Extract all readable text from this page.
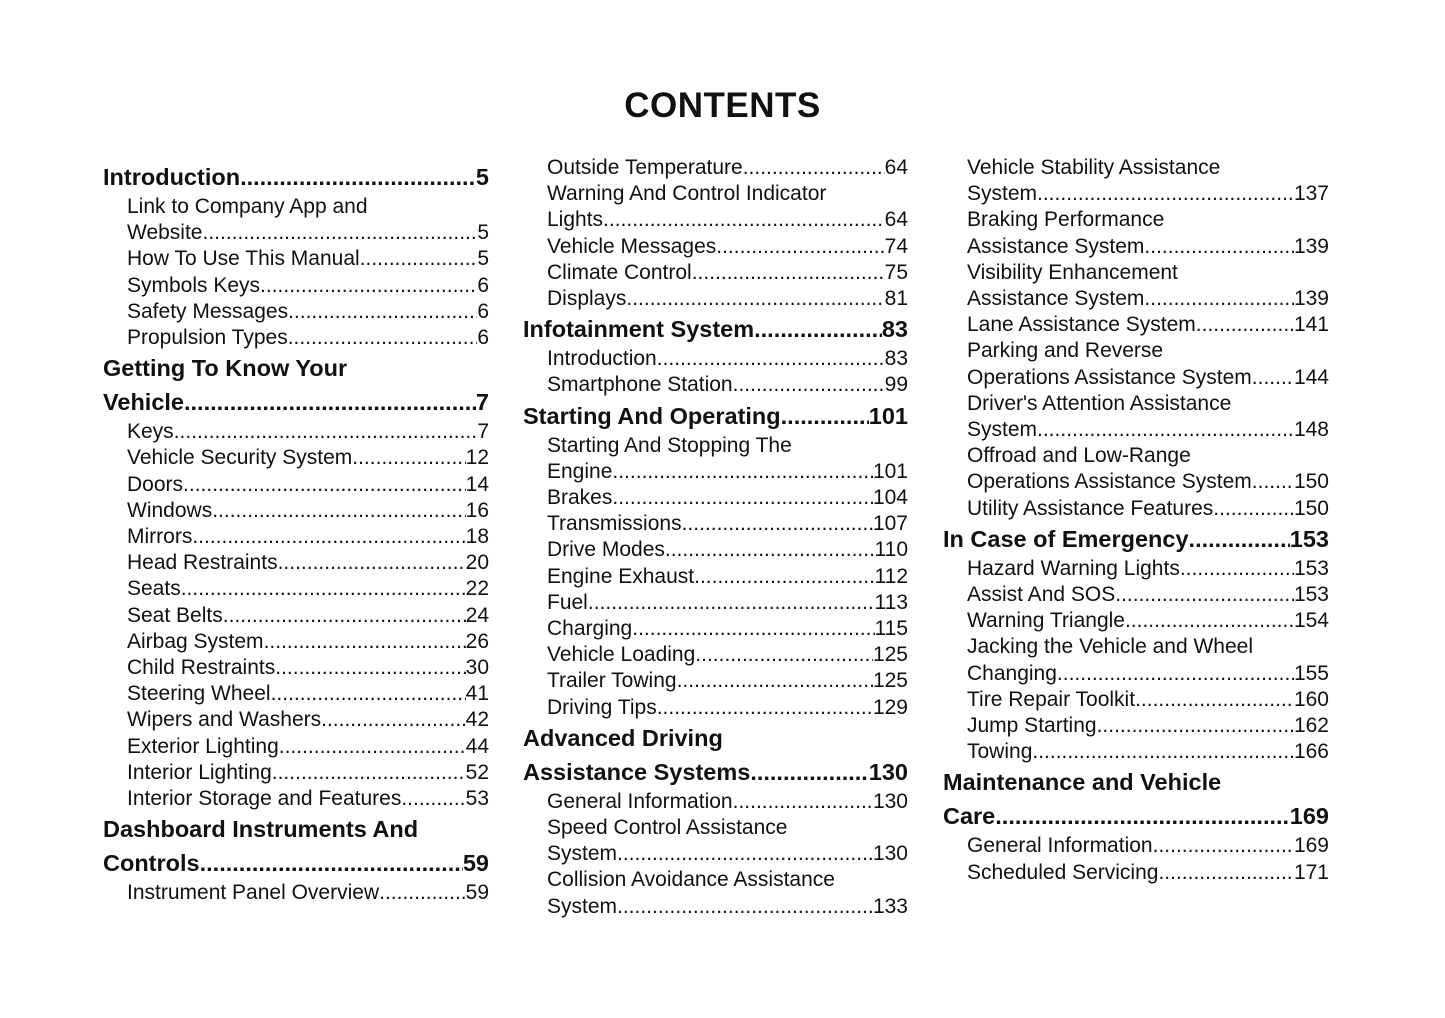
CONTENTS
Introduction .....	5
Link to Company App and
Website .....	5
How To Use This Manual .....	5
Symbols Keys .....	6
Safety Messages .....	6
Propulsion Types .....	6
Getting To Know Your
Vehicle .....	7
Keys .....	7
Vehicle Security System .....	12
Doors .....	14
Windows .....	16
Mirrors .....	18
Head Restraints .....	20
Seats .....	22
Seat Belts .....	24
Airbag System .....	26
Child Restraints .....	30
Steering Wheel .....	41
Wipers and Washers .....	42
Exterior Lighting .....	44
Interior Lighting .....	52
Interior Storage and Features .....	53
Dashboard Instruments And
Controls .....	59
Instrument Panel Overview .....	59
Outside Temperature .....	64
Warning And Control Indicator
Lights .....	64
Vehicle Messages .....	74
Climate Control .....	75
Displays .....	81
Infotainment System .....	83
Introduction .....	83
Smartphone Station .....	99
Starting And Operating .....	101
Starting And Stopping The
Engine .....	101
Brakes .....	104
Transmissions .....	107
Drive Modes .....	110
Engine Exhaust .....	112
Fuel .....	113
Charging .....	115
Vehicle Loading .....	125
Trailer Towing .....	125
Driving Tips .....	129
Advanced Driving
Assistance Systems .....	130
General Information .....	130
Speed Control Assistance
System .....	130
Collision Avoidance Assistance
System .....	133
Vehicle Stability Assistance
System .....	137
Braking Performance
Assistance System .....	139
Visibility Enhancement
Assistance System .....	139
Lane Assistance System .....	141
Parking and Reverse
Operations Assistance System ..... 144
Driver's Attention Assistance
System .....	148
Offroad and Low-Range
Operations Assistance System ..... 150
Utility Assistance Features .....	150
In Case of Emergency .....	153
Hazard Warning Lights .....	153
Assist And SOS .....	153
Warning Triangle .....	154
Jacking the Vehicle and Wheel
Changing .....	155
Tire Repair Toolkit .....	160
Jump Starting .....	162
Towing .....	166
Maintenance and Vehicle
Care .....	169
General Information .....	169
Scheduled Servicing .....	171
